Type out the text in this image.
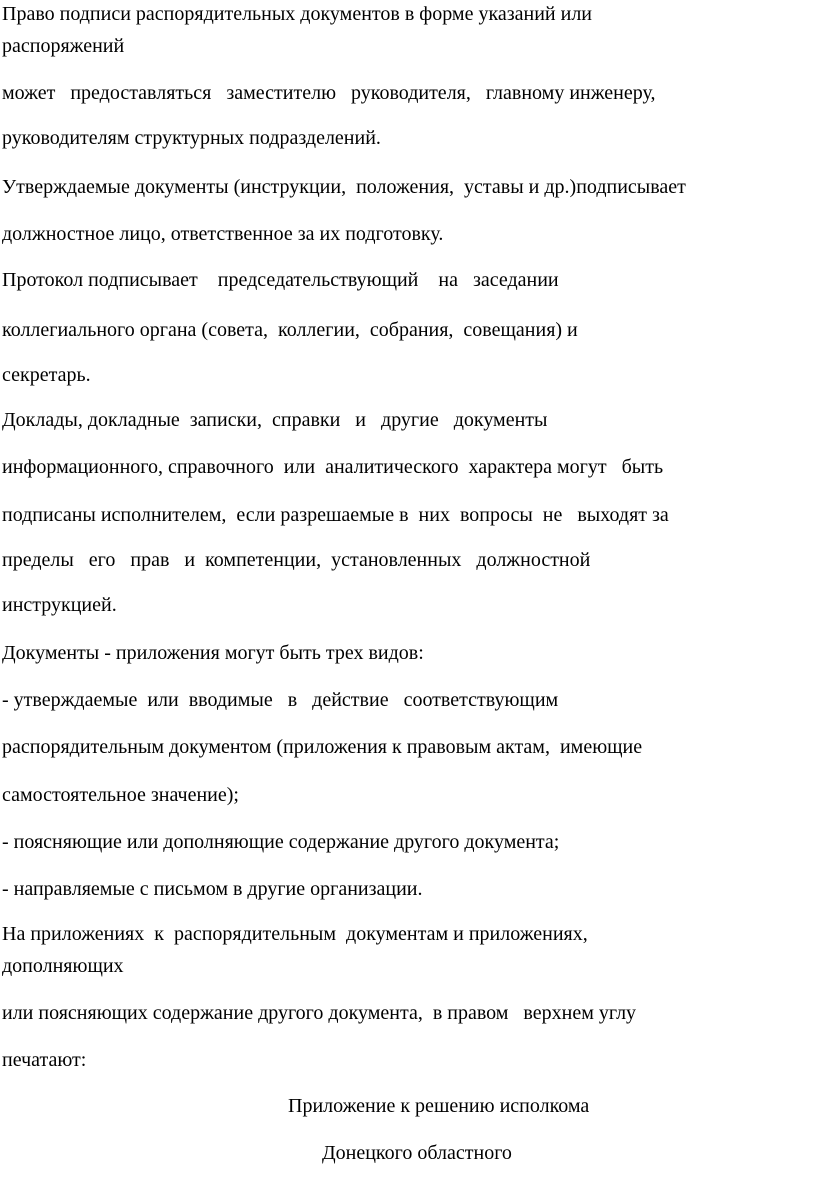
Право подписи распорядительных документов в форме указаний или
распоряжений
может   предоставляться   заместителю   руководителя,   главному инженеру,
руководителям структурных подразделений.
Утверждаемые документы (инструкции,  положения,  уставы и др.)подписывает
должностное лицо, ответственное за их подготовку.
Протокол подписывает    председательствующий    на   заседании
коллегиального органа (совета,  коллегии,  собрания,  совещания) и
секретарь.
Доклады, докладные  записки,  справки   и   другие   документы
информационного, справочного  или  аналитического  характера могут   быть
подписаны исполнителем,  если разрешаемые в  них  вопросы  не   выходят за
пределы   его   прав   и  компетенции,  установленных   должностной
инструкцией.
Документы - приложения могут быть трех видов:
- утверждаемые  или  вводимые   в   действие   соответствующим
распорядительным документом (приложения к правовым актам,  имеющие
самостоятельное значение);
- поясняющие или дополняющие содержание другого документа;
- направляемые с письмом в другие организации.
На приложениях  к  распорядительным  документам и приложениях,
дополняющих
или поясняющих содержание другого документа,  в правом   верхнем углу
печатают:
Приложение к решению исполкома
Донецкого областного
